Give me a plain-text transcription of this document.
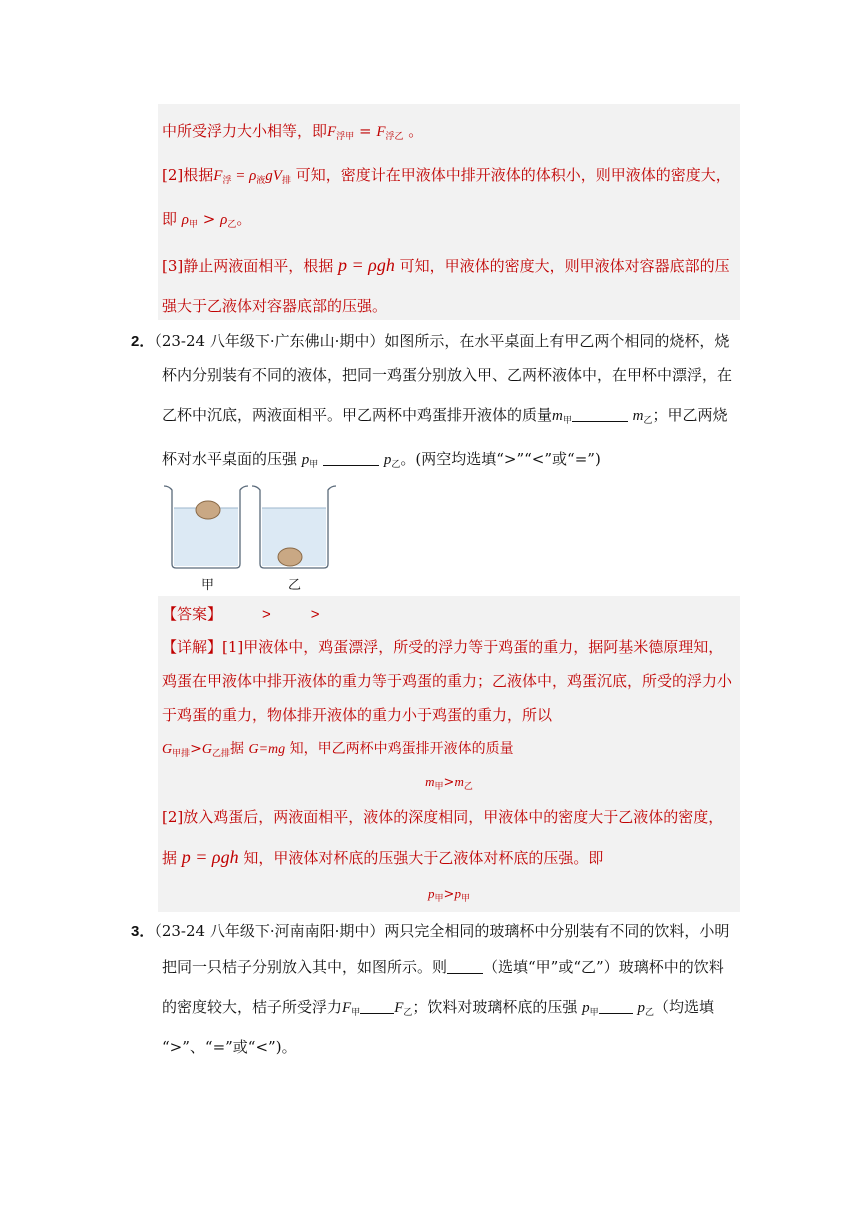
中所受浮力大小相等，即$F_{浮甲} = F_{浮乙}$ 。
[2]根据$F_浮 = \rho_液gV_排$ 可知，密度计在甲液体中排开液体的体积小，则甲液体的密度大，
即 $\rho_甲 > \rho_乙$。
[3]静止两液面相平，根据 p = ρgh 可知，甲液体的密度大，则甲液体对容器底部的压
强大于乙液体对容器底部的压强。
2．（23-24 八年级下·广东佛山·期中）如图所示，在水平桌面上有甲乙两个相同的烧杯，烧
杯内分别装有不同的液体，把同一鸡蛋分别放入甲、乙两杯液体中，在甲杯中漂浮，在
乙杯中沉底，两液面相平。甲乙两杯中鸡蛋排开液体的质量$m_甲$	$m_乙$；甲乙两烧
杯对水平桌面的压强 $p_甲$	$p_乙$。(两空均选填“>”“<”或“=”)
甲	乙
【答案】	>	>
【详解】[1]甲液体中，鸡蛋漂浮，所受的浮力等于鸡蛋的重力，据阿基米德原理知，
鸡蛋在甲液体中排开液体的重力等于鸡蛋的重力；乙液体中，鸡蛋沉底，所受的浮力小
于鸡蛋的重力，物体排开液体的重力小于鸡蛋的重力，所以
$G_{甲排}>G_{乙排}$据 G=mg 知，甲乙两杯中鸡蛋排开液体的质量
$m_甲>m_乙$
[2]放入鸡蛋后，两液面相平，液体的深度相同，甲液体中的密度大于乙液体的密度，
据 p = ρgh 知，甲液体对杯底的压强大于乙液体对杯底的压强。即
$p_甲>p_甲$
3．（23-24 八年级下·河南南阳·期中）两只完全相同的玻璃杯中分别装有不同的饮料，小明
把同一只桔子分别放入其中，如图所示。则 （选填“甲”或“乙”）玻璃杯中的饮料
的密度较大，桔子所受浮力$F_甲$ $F_乙$；饮料对玻璃杯底的压强 $p_甲$	$p_乙$（均选填
“>”、“=”或“<”)。
